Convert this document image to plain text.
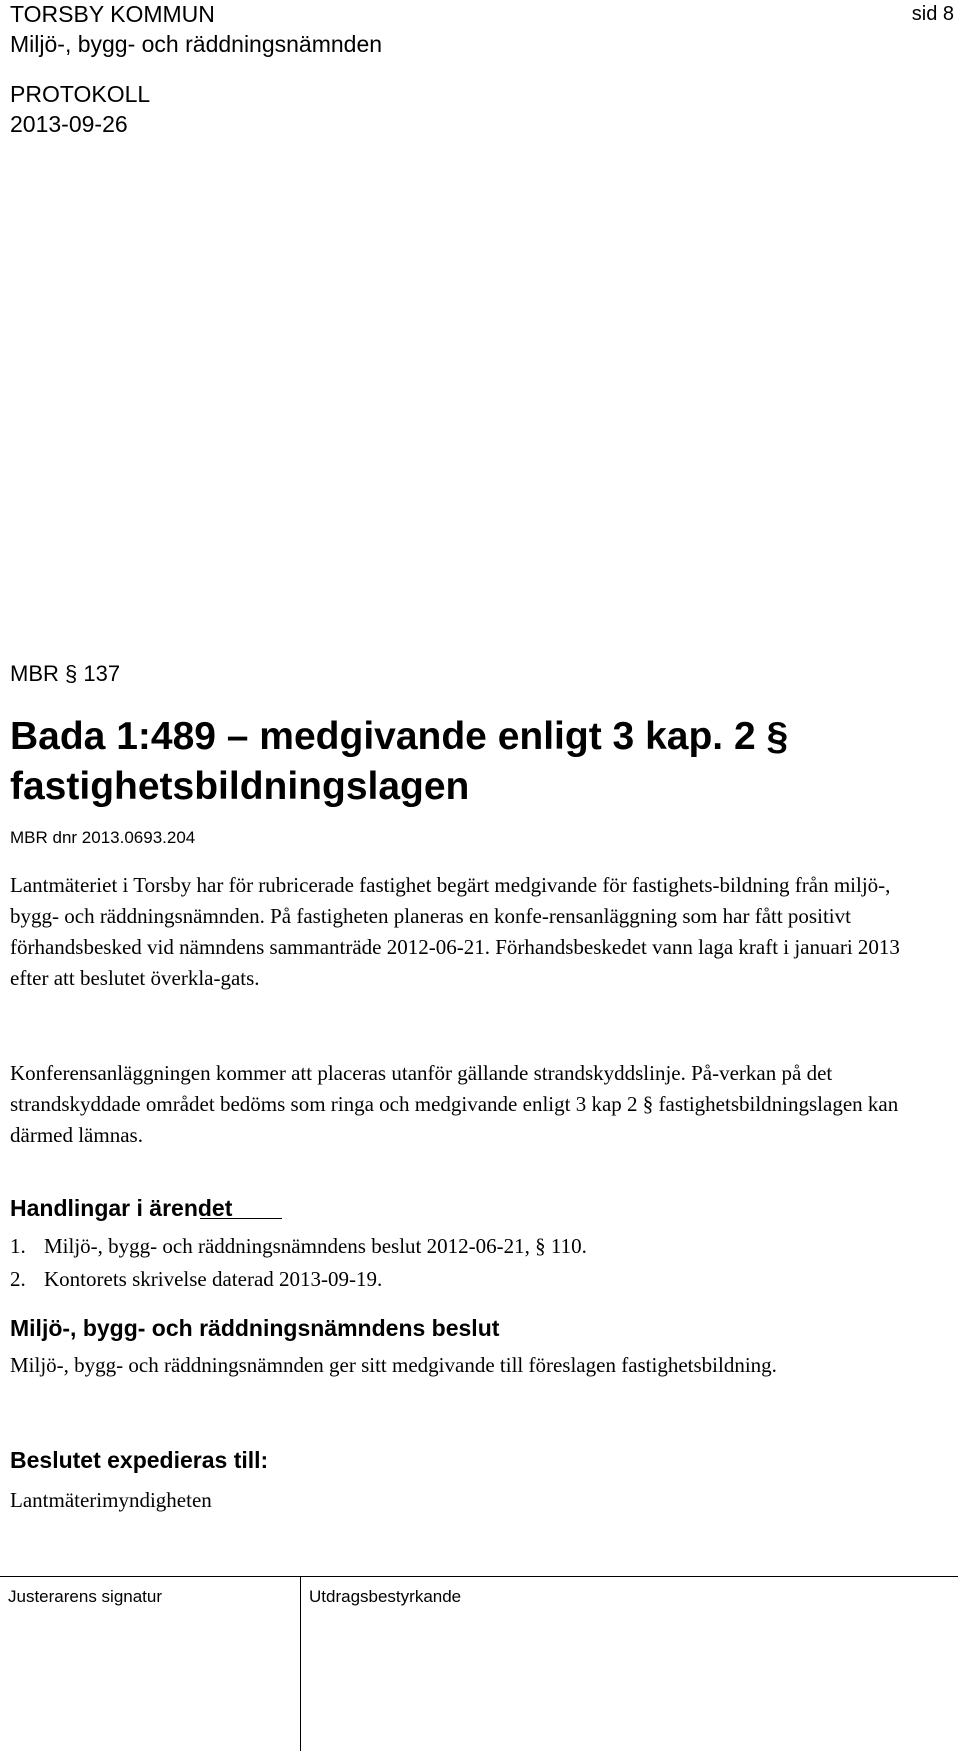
TORSBY KOMMUN

Miljö-, bygg- och räddningsnämnden

PROTOKOLL

2013-09-26

sid 8
MBR § 137
Bada 1:489 – medgivande enligt 3 kap. 2 § fastighetsbildningslagen
MBR dnr 2013.0693.204

Lantmäteriet i Torsby har för rubricerade fastighet begärt medgivande för fastighets-bildning från miljö-, bygg- och räddningsnämnden. På fastigheten planeras en konfe-rensanläggning som har fått positivt förhandsbesked vid nämndens sammanträde 2012-06-21. Förhandsbeskedet vann laga kraft i januari 2013 efter att beslutet överkla-gats.

Konferensanläggningen kommer att placeras utanför gällande strandskyddslinje. På-verkan på det strandskyddade området bedöms som ringa och medgivande enligt 3 kap 2 § fastighetsbildningslagen kan därmed lämnas.

Handlingar i ärendet
1. Miljö-, bygg- och räddningsnämndens beslut 2012-06-21, § 110.
2. Kontorets skrivelse daterad 2013-09-19.
Miljö-, bygg- och räddningsnämndens beslut

Miljö-, bygg- och räddningsnämnden ger sitt medgivande till föreslagen fastighetsbildning.

Beslutet expedieras till:

Lantmäterimyndigheten

Justerarens signatur	Utdragsbestyrkande
